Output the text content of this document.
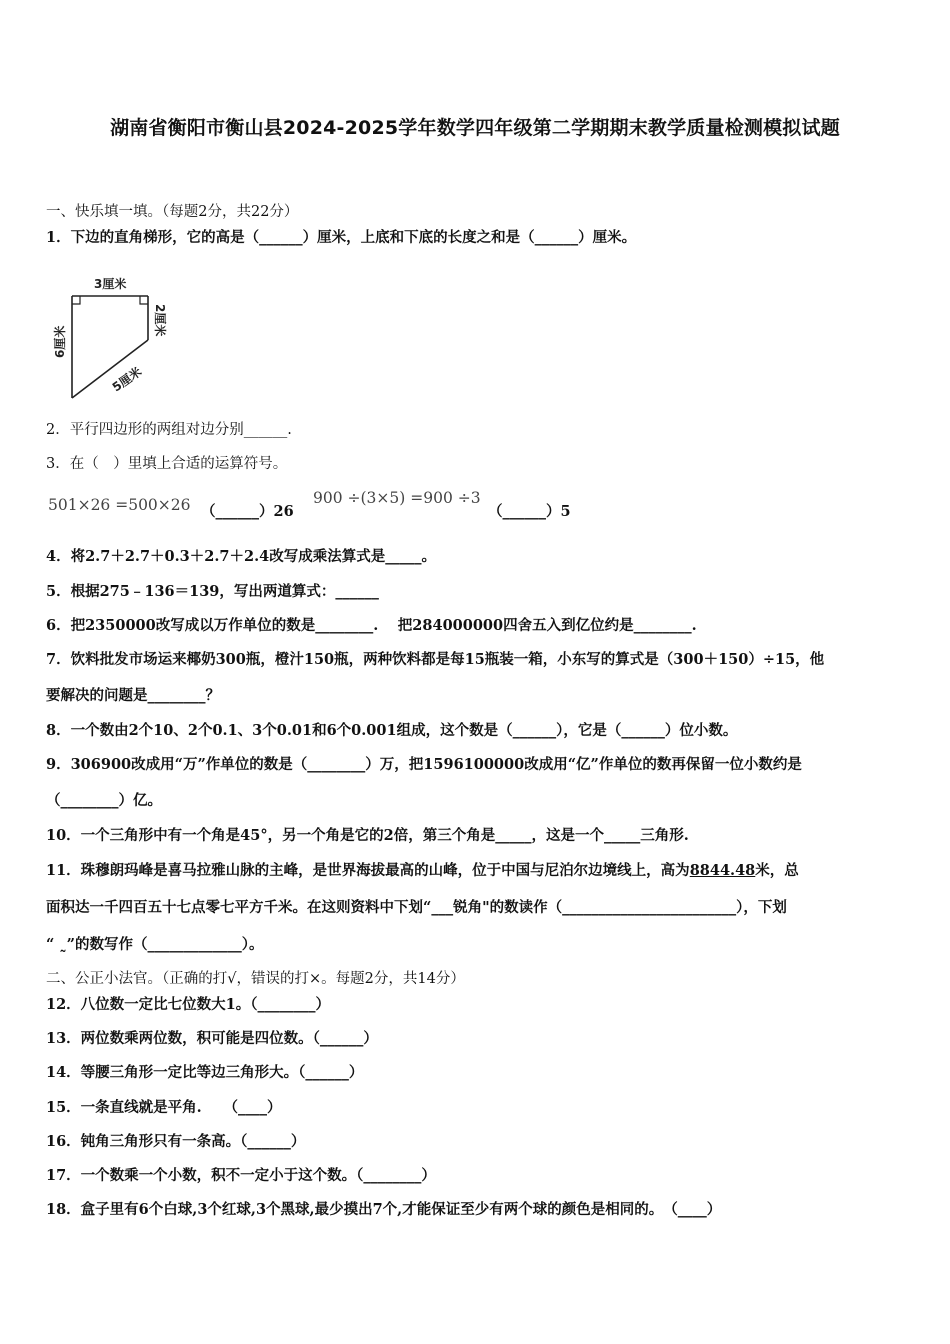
湖南省衡阳市衡山县2024-2025学年数学四年级第二学期期末教学质量检测模拟试题
一、快乐填一填。（每题2分，共22分）
1．下边的直角梯形，它的高是（______）厘米，上底和下底的长度之和是（______）厘米。
3厘米
6厘米
2厘米
5厘米
2．平行四边形的两组对边分别______.
3．在（　）里填上合适的运算符号。
501×26 =500×26 （______）26
900 ÷(3×5) =900 ÷3
（______）5
4．将2.7＋2.7＋0.3＋2.7＋2.4改写成乘法算式是_____。
5．根据275﹣136＝139，写出两道算式：______
6．把2350000改写成以万作单位的数是________.　 把284000000四舍五入到亿位约是________.
7．饮料批发市场运来椰奶300瓶，橙汁150瓶，两种饮料都是每15瓶装一箱，小东写的算式是（300＋150）÷15，他
要解决的问题是________？
8．一个数由2个10、2个0.1、3个0.01和6个0.001组成，这个数是（______），它是（______）位小数。
9．306900改成用“万”作单位的数是（________）万，把1596100000改成用“亿”作单位的数再保留一位小数约是
（________）亿。
10．一个三角形中有一个角是45°，另一个角是它的2倍，第三个角是_____，这是一个_____三角形.
11．珠穆朗玛峰是喜马拉雅山脉的主峰，是世界海拔最高的山峰，位于中国与尼泊尔边境线上，高为8844.48米，总
面积达一千四百五十七点零七平方千米。在这则资料中下划“___锐角"的数读作（________________________），下划
“ ˷”的数写作（_____________）。
二、公正小法官。（正确的打√，错误的打×。每题2分，共14分）
12．八位数一定比七位数大1。（________）
13．两位数乘两位数，积可能是四位数。（______）
14．等腰三角形一定比等边三角形大。（______）
15．一条直线就是平角.　　（____）
16．钝角三角形只有一条高。（______）
17．一个数乘一个小数，积不一定小于这个数。（________）
18．盒子里有6个白球,3个红球,3个黑球,最少摸出7个,才能保证至少有两个球的颜色是相同的。　（____）
